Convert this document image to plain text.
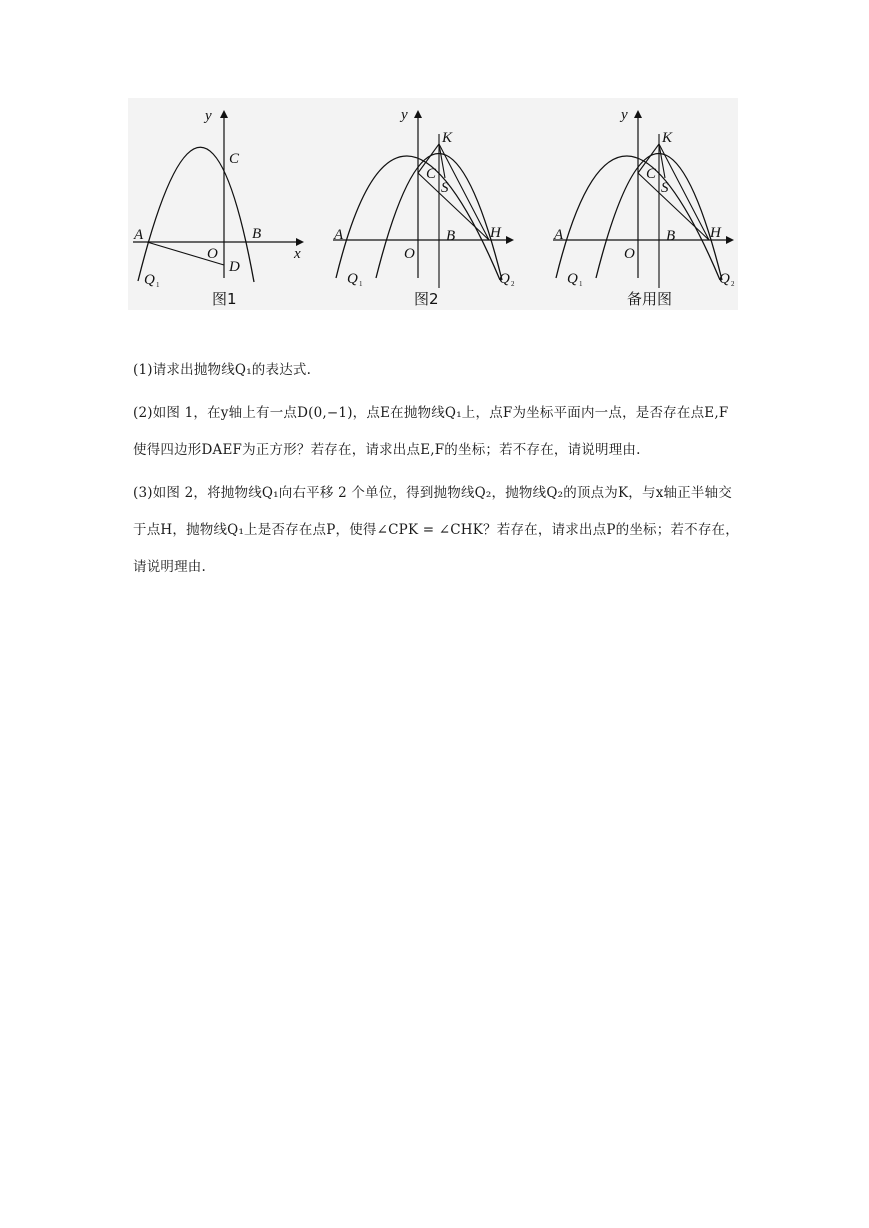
y
C
A	B
O	x
D
Q 1
图1
y
K
C
S
A	B H
O
Q 1	Q 2
图2
y
K
C
S
A	B H
O
Q 1	Q 2
备用图

(1)请求出抛物线Q₁的表达式.

(2)如图 1，在y轴上有一点D(0,−1)，点E在抛物线Q₁上，点F为坐标平面内一点，是否存在点E,F使得四边形DAEF为正方形？若存在，请求出点E,F的坐标；若不存在，请说明理由.

(3)如图 2，将抛物线Q₁向右平移 2 个单位，得到抛物线Q₂，抛物线Q₂的顶点为K，与x轴正半轴交于点H，抛物线Q₁上是否存在点P，使得∠CPK = ∠CHK？若存在，请求出点P的坐标；若不存在，请说明理由.
